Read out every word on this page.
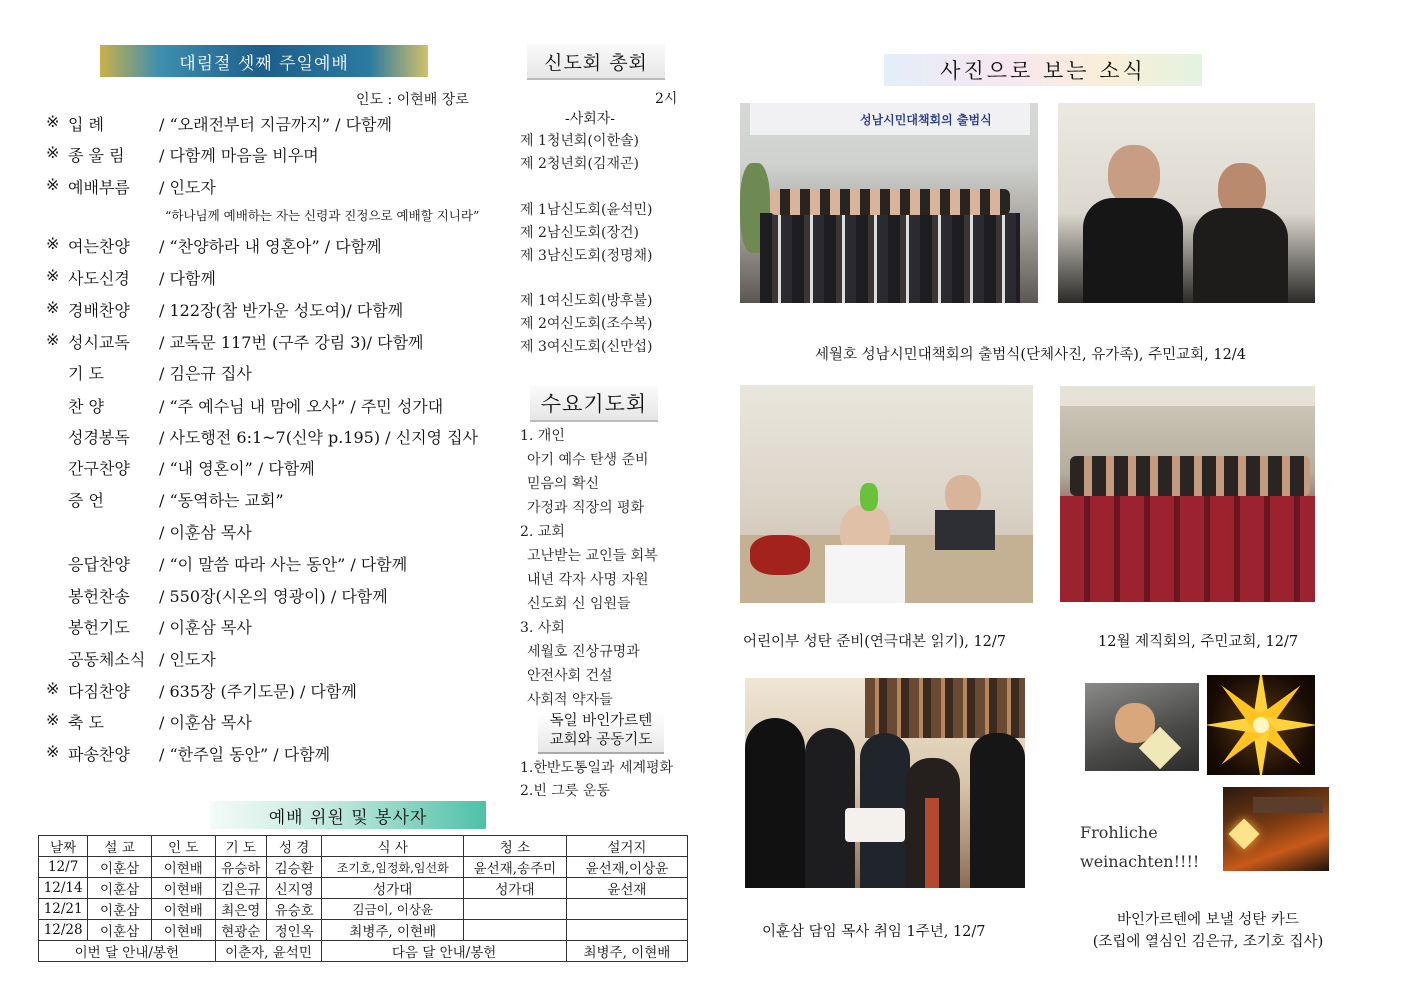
대림절 셋째 주일예배
인도 : 이현배 장로
※ 입 례	/ “오래전부터 지금까지” / 다함께
※ 종 울 림	/ 다함께 마음을 비우며
※ 예배부름	/ 인도자
※ 여는찬양	/ “찬양하라 내 영혼아” / 다함께
※ 사도신경	/ 다함께
※ 경배찬양	/ 122장(참 반가운 성도여)/ 다함께
※ 성시교독	/ 교독문 117번 (구주 강림 3)/ 다함께
기 도	/ 김은규 집사
찬 양	/ “주 예수님 내 맘에 오사” / 주민 성가대
성경봉독	/ 사도행전 6:1~7(신약 p.195) / 신지영 집사
간구찬양	/ “내 영혼이” / 다함께
증 언	/ “동역하는 교회”
/ 이훈삼 목사
응답찬양	/ “이 말씀 따라 사는 동안” / 다함께
봉헌찬송	/ 550장(시온의 영광이) / 다함께
봉헌기도	/ 이훈삼 목사
공동체소식 / 인도자
※ 다짐찬양	/ 635장 (주기도문) / 다함께
※ 축 도	/ 이훈삼 목사
※ 파송찬양	/ “한주일 동안” / 다함께
“하나님께 예배하는 자는 신령과 진정으로 예배할 지니라”
예배 위원 및 봉사자
날짜	설 교	인 도	기 도	성 경	식 사	청 소	설거지
12/7	이훈삼	이현배	유승하	김승환	조기호,임정화,임선화	윤선재,송주미	윤선재,이상윤
12/14	이훈삼	이현배	김은규	신지영	성가대	성가대	윤선재
12/21	이훈삼	이현배	최은영	유승호	김금이, 이상윤		
12/28	이훈삼	이현배	현광순	정인옥	최병주, 이현배		
이번 달 안내/봉헌			이춘자, 윤석민		다음 달 안내/봉헌		최병주, 이현배
신도회 총회
2시
-사회자-
제 1청년회(이한솔)
제 2청년회(김재곤)
제 1남신도회(윤석민)
제 2남신도회(장건)
제 3남신도회(정명채)
제 1여신도회(방후불)
제 2여신도회(조수복)
제 3여신도회(신만섭)
수요기도회
1. 개인
아기 예수 탄생 준비
믿음의 확신
가정과 직장의 평화
2. 교회
고난받는 교인들 회복
내년 각자 사명 자원
신도회 신 임원들
3. 사회
세월호 진상규명과
안전사회 건설
사회적 약자들
독일 바인가르텐
교회와 공동기도
1.한반도통일과 세계평화
2.빈 그릇 운동
사진으로 보는 소식
성남시민대책회의 출범식
세월호 성남시민대책회의 출범식(단체사진, 유가족), 주민교회, 12/4
어린이부 성탄 준비(연극대본 읽기), 12/7	12월 제직회의, 주민교회, 12/7
이훈삼 담임 목사 취임 1주년, 12/7
Frohliche
weinachten!!!!
바인가르텐에 보낼 성탄 카드
(조립에 열심인 김은규, 조기호 집사)
